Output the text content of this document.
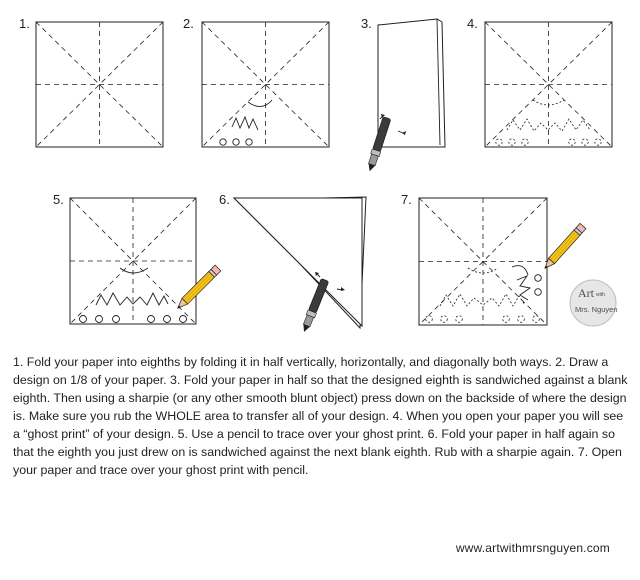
1.	2.	3.	4.
5.	6.	7.
Art with
Mrs. Nguyen

1. Fold your paper into eighths by folding it in half vertically, horizontally, and diagonally both ways. 2. Draw a design on 1/8 of your paper. 3. Fold your paper in half so that the designed eighth is sandwiched against a blank eighth. Then using a sharpie (or any other smooth blunt object) press down on the backside of where the design is. Make sure you rub the WHOLE area to transfer all of your design. 4. When you open your paper you will see a “ghost print” of your design. 5. Use a pencil to trace over your ghost print. 6. Fold your paper in half again so that the eighth you just drew on is sandwiched against the next blank eighth. Rub with a sharpie again. 7. Open your paper and trace over your ghost print with pencil.

www.artwithmrsnguyen.com
